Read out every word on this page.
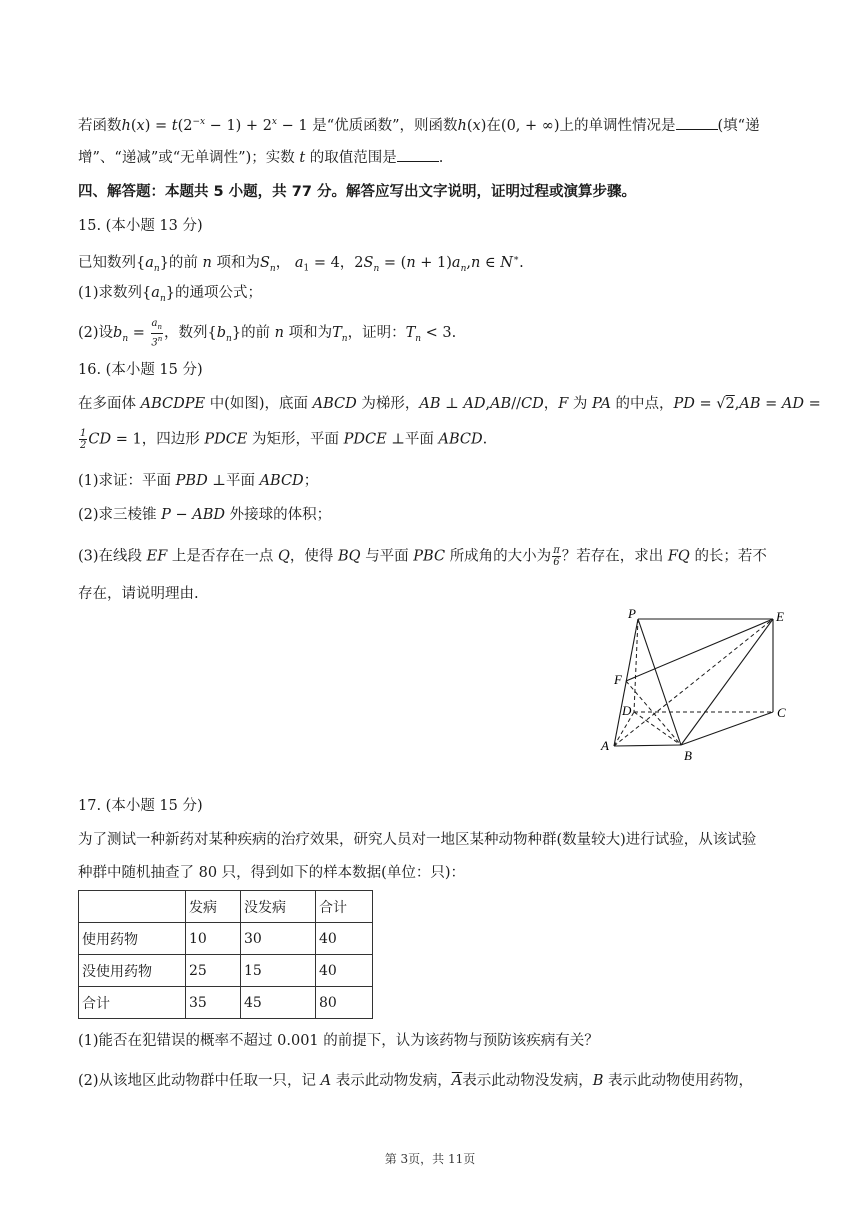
若函数$h(x) = t(2^{-x} - 1) + 2^x - 1$ 是“优质函数”，则函数h(x)在(0, + ∞)上的单调性情况是	(填“递
增”、“递减”或“无单调性”)；实数 t 的取值范围是	.
四、解答题：本题共 5 小题，共 77 分。解答应写出文字说明，证明过程或演算步骤。
15. (本小题 13 分)
已知数列$\{a_n\}$的前 n 项和为$S_n$， $a_1 = 4$，$2S_n = (n + 1)a_n,n$ ∈ N∗.
(1)求数列$\{a_n\}$的通项公式；
(2)设$b_n = \frac{a_n}{3^n}$ ，数列$\{b_n\}$的前 n 项和为$T_n$，证明：$T_n < 3$.
16. (本小题 15 分)
在多面体 ABCDPE 中(如图)，底面 ABCD 为梯形，AB ⊥ AD,AB//CD，F 为 PA 的中点，PD = √2,AB = AD =
$\frac{1}{2}$ CD = 1，四边形 PDCE 为矩形，平面 PDCE ⊥平面 ABCD.
(1)求证：平面 PBD ⊥平面 ABCD；
(2)求三棱锥 P − ABD 外接球的体积；
(3)在线段 EF 上是否存在一点 Q，使得 BQ 与平面 PBC 所成角的大小为 $\frac{\pi}{6}$ ？若存在，求出 FQ 的长；若不
存在，请说明理由.
P	E
F
D	C
A
B
17. (本小题 15 分)
为了测试一种新药对某种疾病的治疗效果，研究人员对一地区某种动物种群(数量较大)进行试验，从该试验
种群中随机抽查了 80 只，得到如下的样本数据(单位：只)：
	发病	没发病	合计
使用药物	10	30	40
没使用药物	25	15	40
合计	35	45	80
(1)能否在犯错误的概率不超过 0.001 的前提下，认为该药物与预防该疾病有关？
(2)从该地区此动物群中任取一只，记 A 表示此动物发病，$\overline{A}$表示此动物没发病，B 表示此动物使用药物，
第 3页，共 11页
